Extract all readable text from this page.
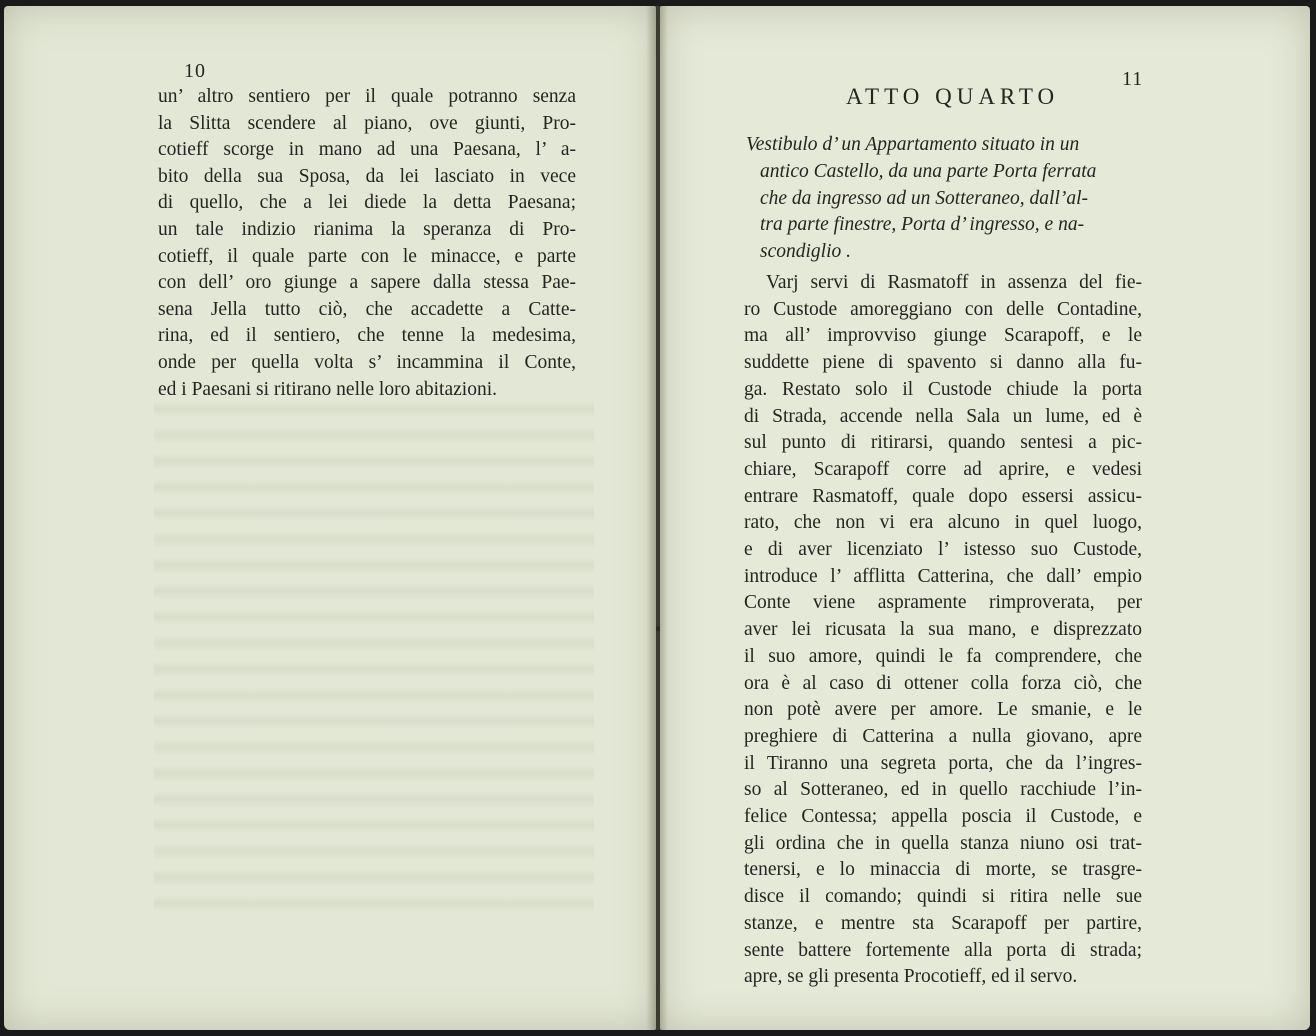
10
un’ altro sentiero per il quale potranno senza
la Slitta scendere al piano, ove giunti, Pro-
cotieff scorge in mano ad una Paesana, l’ a-
bito della sua Sposa, da lei lasciato in vece
di quello, che a lei diede la detta Paesana;
un tale indizio rianima la speranza di Pro-
cotieff, il quale parte con le minacce, e parte
con dell’ oro giunge a sapere dalla stessa Pae-
sena Jella tutto ciò, che accadette a Catte-
rina, ed il sentiero, che tenne la medesima,
onde per quella volta s’ incammina il Conte,
ed i Paesani si ritirano nelle loro abitazioni.
11
ATTO QUARTO
Vestibulo d’ un Appartamento situato in un
antico Castello, da una parte Porta ferrata
che da ingresso ad un Sotteraneo, dall’al-
tra parte finestre, Porta d’ ingresso, e na-
scondiglio .
Varj servi di Rasmatoff in assenza del fie-
ro Custode amoreggiano con delle Contadine,
ma all’ improvviso giunge Scarapoff, e le
suddette piene di spavento si danno alla fu-
ga. Restato solo il Custode chiude la porta
di Strada, accende nella Sala un lume, ed è
sul punto di ritirarsi, quando sentesi a pic-
chiare, Scarapoff corre ad aprire, e vedesi
entrare Rasmatoff, quale dopo essersi assicu-
rato, che non vi era alcuno in quel luogo,
e di aver licenziato l’ istesso suo Custode,
introduce l’ afflitta Catterina, che dall’ empio
Conte viene aspramente rimproverata, per
aver lei ricusata la sua mano, e disprezzato
il suo amore, quindi le fa comprendere, che
ora è al caso di ottener colla forza ciò, che
non potè avere per amore. Le smanie, e le
preghiere di Catterina a nulla giovano, apre
il Tiranno una segreta porta, che da l’ingres-
so al Sotteraneo, ed in quello racchiude l’in-
felice Contessa; appella poscia il Custode, e
gli ordina che in quella stanza niuno osi trat-
tenersi, e lo minaccia di morte, se trasgre-
disce il comando; quindi si ritira nelle sue
stanze, e mentre sta Scarapoff per partire,
sente battere fortemente alla porta di strada;
apre, se gli presenta Procotieff, ed il servo.
